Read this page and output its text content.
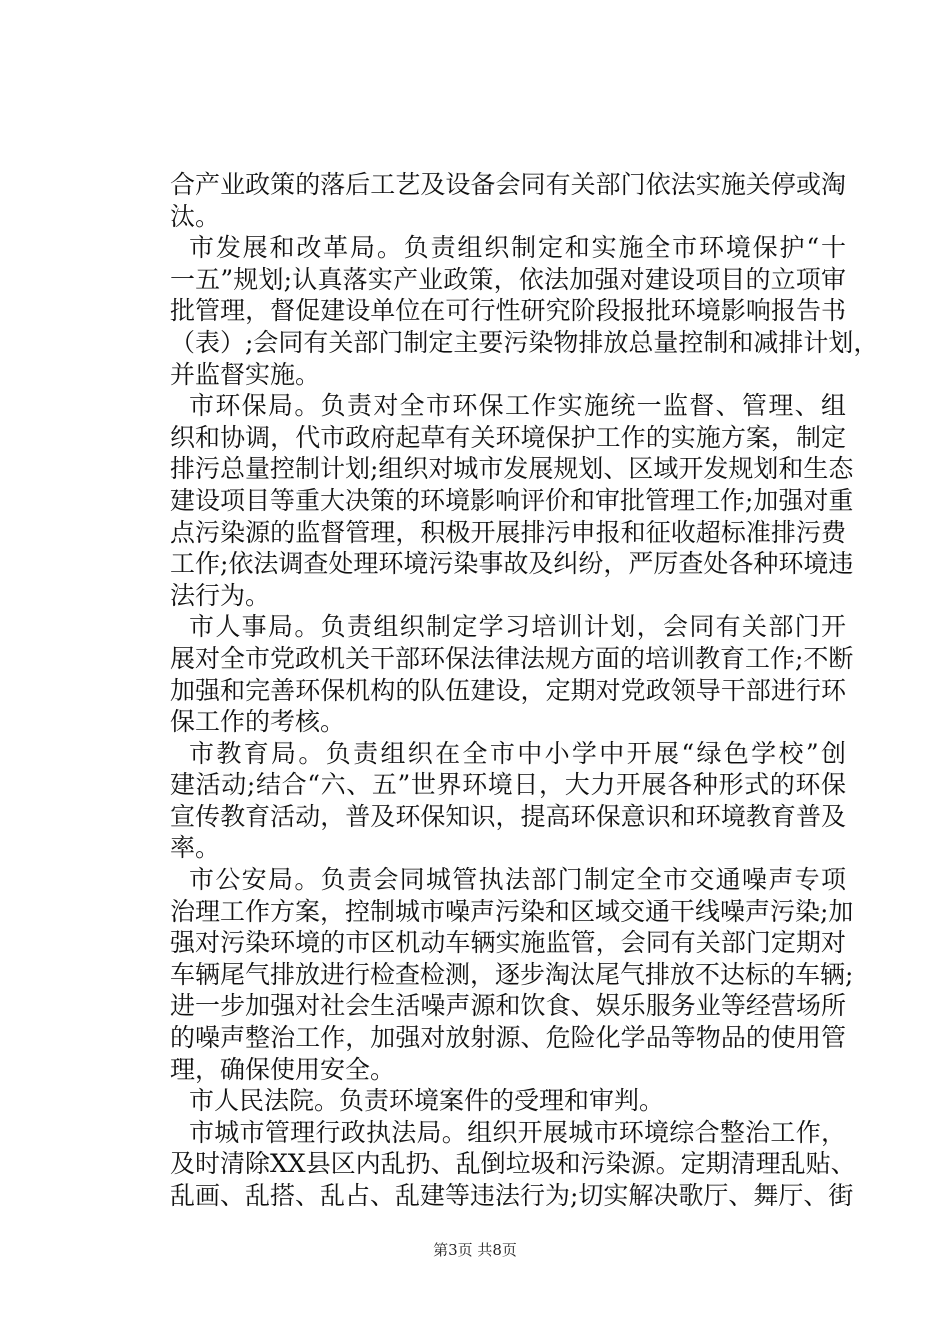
合产业政策的落后工艺及设备会同有关部门依法实施关停或淘
汰。
市发展和改革局。负责组织制定和实施全市环境保护“十
一五”规划;认真落实产业政策，依法加强对建设项目的立项审
批管理，督促建设单位在可行性研究阶段报批环境影响报告书
（表）;会同有关部门制定主要污染物排放总量控制和减排计划，
并监督实施。
市环保局。负责对全市环保工作实施统一监督、管理、组
织和协调，代市政府起草有关环境保护工作的实施方案，制定
排污总量控制计划;组织对城市发展规划、区域开发规划和生态
建设项目等重大决策的环境影响评价和审批管理工作;加强对重
点污染源的监督管理，积极开展排污申报和征收超标准排污费
工作;依法调查处理环境污染事故及纠纷，严厉查处各种环境违
法行为。
市人事局。负责组织制定学习培训计划，会同有关部门开
展对全市党政机关干部环保法律法规方面的培训教育工作;不断
加强和完善环保机构的队伍建设，定期对党政领导干部进行环
保工作的考核。
市教育局。负责组织在全市中小学中开展“绿色学校”创
建活动;结合“六、五”世界环境日，大力开展各种形式的环保
宣传教育活动，普及环保知识，提高环保意识和环境教育普及
率。
市公安局。负责会同城管执法部门制定全市交通噪声专项
治理工作方案，控制城市噪声污染和区域交通干线噪声污染;加
强对污染环境的市区机动车辆实施监管，会同有关部门定期对
车辆尾气排放进行检查检测，逐步淘汰尾气排放不达标的车辆;
进一步加强对社会生活噪声源和饮食、娱乐服务业等经营场所
的噪声整治工作，加强对放射源、危险化学品等物品的使用管
理，确保使用安全。
市人民法院。负责环境案件的受理和审判。
市城市管理行政执法局。组织开展城市环境综合整治工作，
及时清除XX县区内乱扔、乱倒垃圾和污染源。定期清理乱贴、
乱画、乱搭、乱占、乱建等违法行为;切实解决歌厅、舞厅、街
第3页 共8页
